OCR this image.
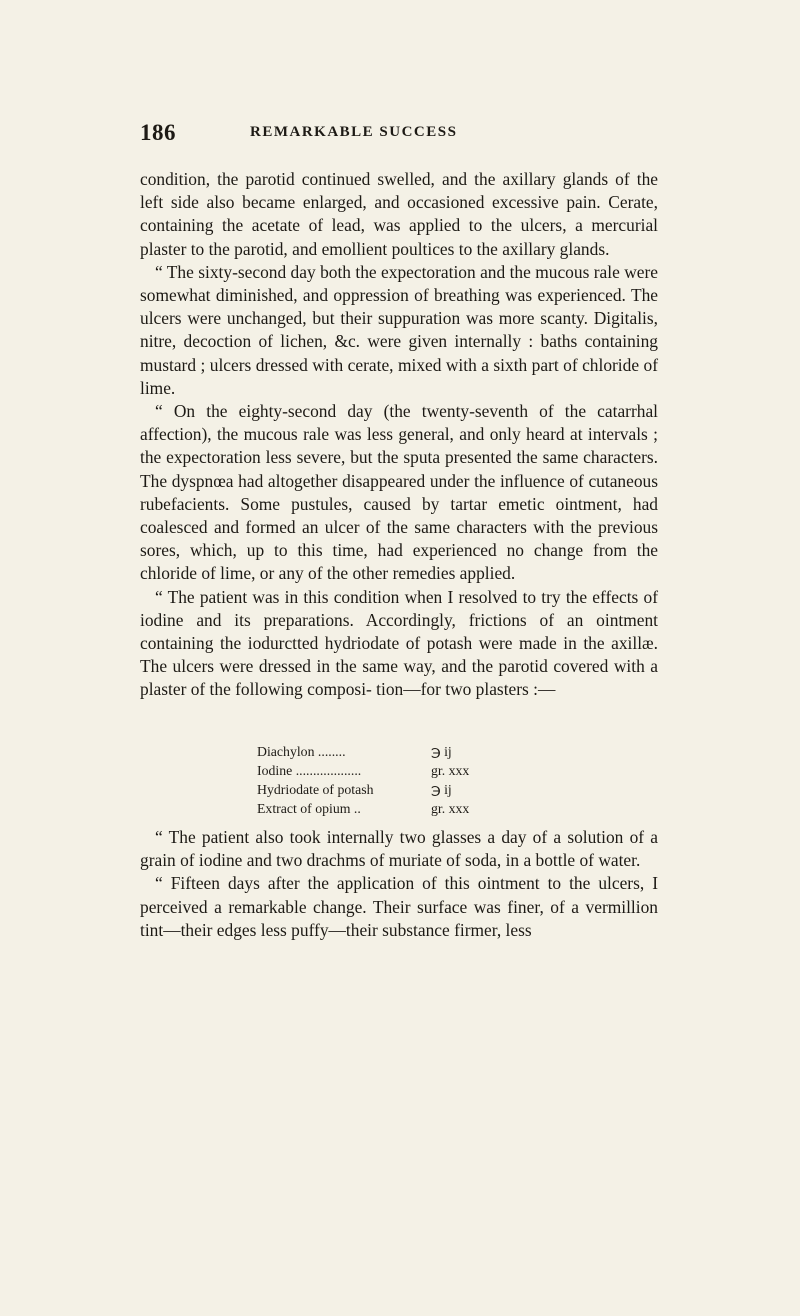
186	REMARKABLE SUCCESS

condition, the parotid continued swelled, and the axillary glands of the left side also became enlarged, and occasioned excessive pain. Cerate, containing the acetate of lead, was applied to the ulcers, a mercurial plaster to the parotid, and emollient poultices to the axillary glands.

“ The sixty-second day both the expectoration and the mucous rale were somewhat diminished, and oppression of breathing was experienced. The ulcers were unchanged, but their suppuration was more scanty. Digitalis, nitre, decoction of lichen, &c. were given internally : baths containing mustard ; ulcers dressed with cerate, mixed with a sixth part of chloride of lime.

“ On the eighty-second day (the twenty-seventh of the catarrhal affection), the mucous rale was less general, and only heard at intervals ; the expectoration less severe, but the sputa presented the same characters. The dyspnœa had altogether disappeared under the influence of cutaneous rubefacients. Some pustules, caused by tartar emetic ointment, had coalesced and formed an ulcer of the same characters with the previous sores, which, up to this time, had experienced no change from the chloride of lime, or any of the other remedies applied.

“ The patient was in this condition when I resolved to try the effects of iodine and its preparations. Accordingly, frictions of an ointment containing the iodurctted hydriodate of potash were made in the axillæ. The ulcers were dressed in the same way, and the parotid covered with a plaster of the following composi- tion—for two plasters :—

Diachylon ........	℈ ij
Iodine ...................	gr. xxx
Hydriodate of potash	℈ ij
Extract of opium ..	gr. xxx

“ The patient also took internally two glasses a day of a solution of a grain of iodine and two drachms of muriate of soda, in a bottle of water.

“ Fifteen days after the application of this ointment to the ulcers, I perceived a remarkable change. Their surface was finer, of a vermillion tint—their edges less puffy—their substance firmer, less
